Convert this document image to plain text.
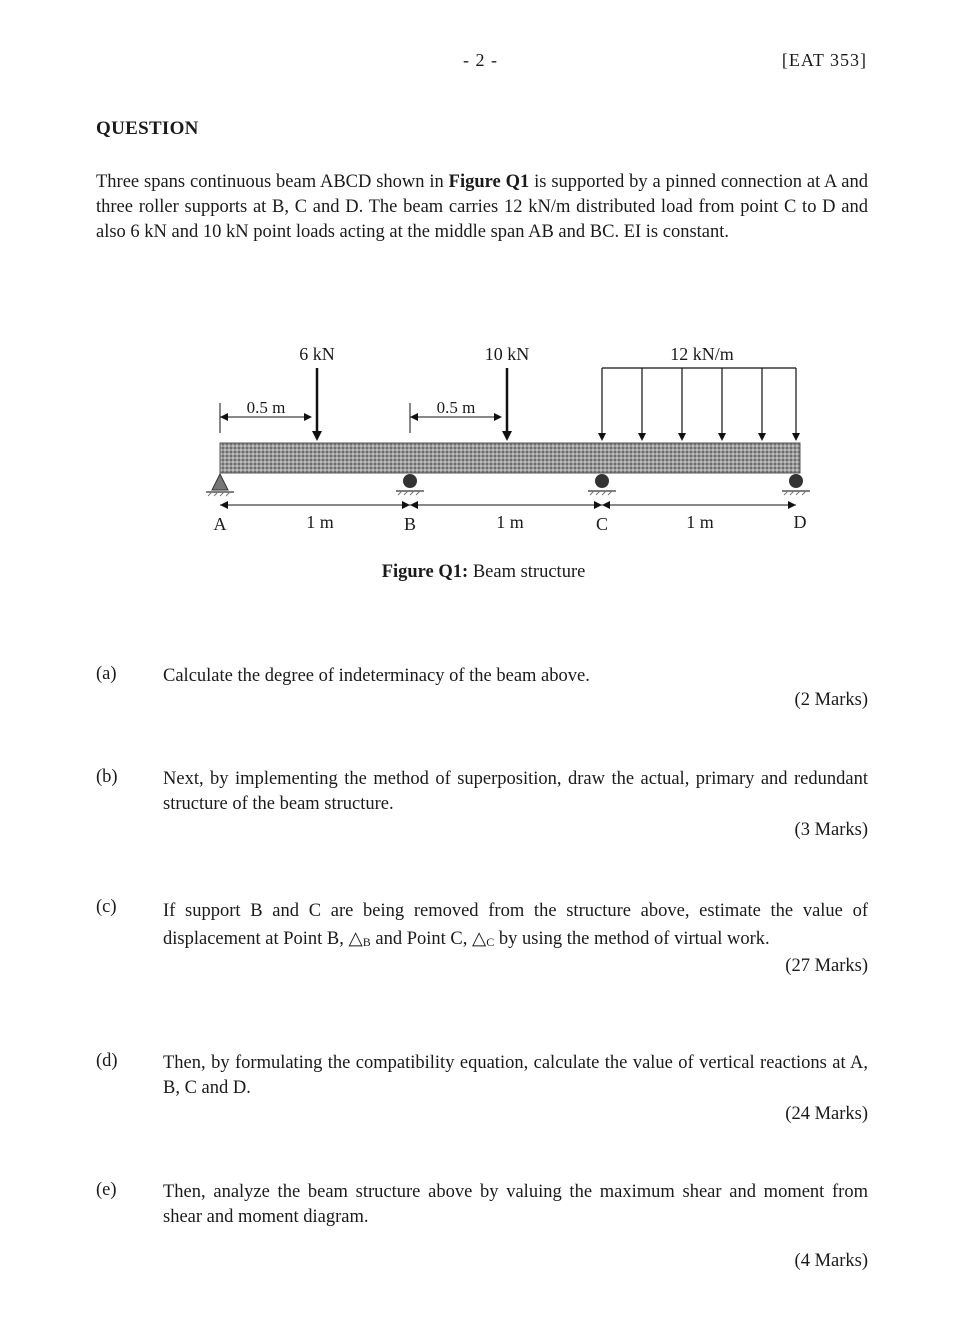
- 2 -	[EAT 353]
QUESTION
Three spans continuous beam ABCD shown in Figure Q1 is supported by a pinned connection at A and three roller supports at B, C and D. The beam carries 12 kN/m distributed load from point C to D and also 6 kN and 10 kN point loads acting at the middle span AB and BC. EI is constant.
6 kN	10 kN	12 kN/m
0.5 m	0.5 m
1 m	1 m	1 m
A	B	C	D
Figure Q1: Beam structure
(a)	Calculate the degree of indeterminacy of the beam above.
(2 Marks)
(b) Next, by implementing the method of superposition, draw the actual, primary and redundant structure of the beam structure.
(3 Marks)
(c)	If support B and C are being removed from the structure above, estimate the value of displacement at Point B, △B and Point C, △C by using the method of virtual work.
(27 Marks)
(d) Then, by formulating the compatibility equation, calculate the value of vertical reactions at A, B, C and D.
(24 Marks)
(e)	Then, analyze the beam structure above by valuing the maximum shear and moment from shear and moment diagram.
(4 Marks)
